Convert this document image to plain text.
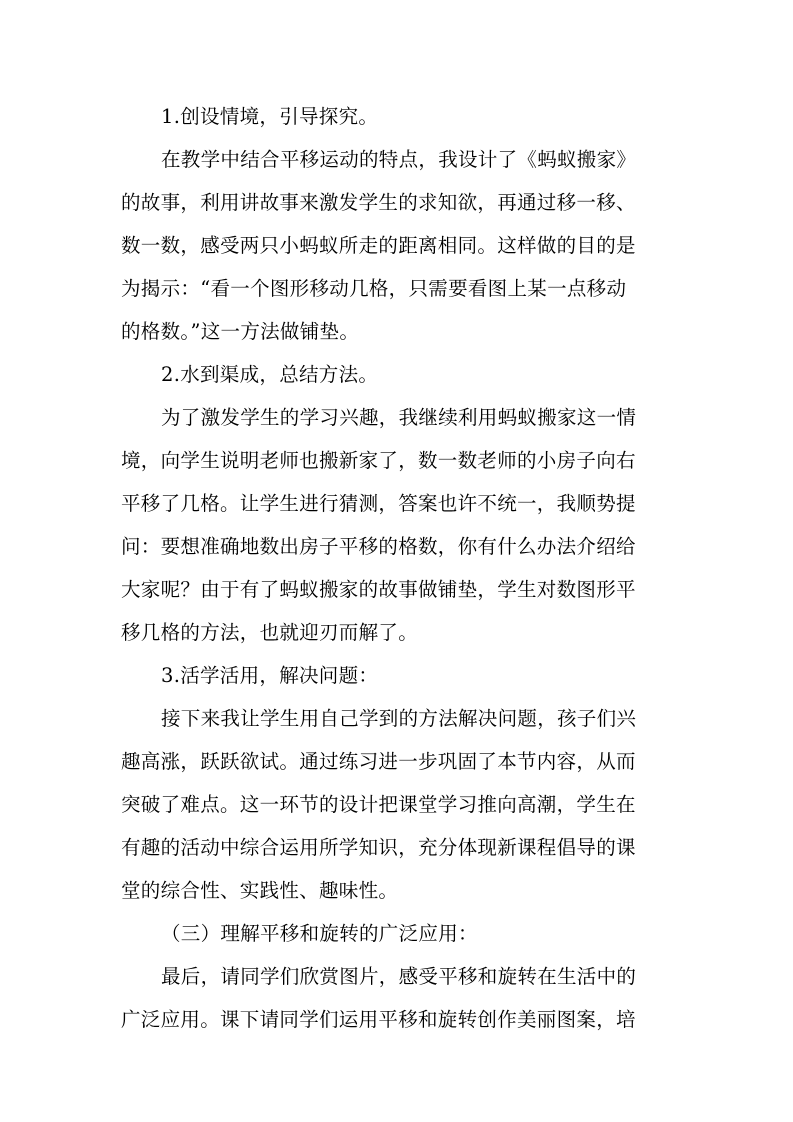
1.创设情境，引导探究。
在教学中结合平移运动的特点，我设计了《蚂蚁搬家》
的故事，利用讲故事来激发学生的求知欲，再通过移一移、
数一数，感受两只小蚂蚁所走的距离相同。这样做的目的是
为揭示：“看一个图形移动几格，只需要看图上某一点移动
的格数。”这一方法做铺垫。
2.水到渠成，总结方法。
为了激发学生的学习兴趣，我继续利用蚂蚁搬家这一情
境，向学生说明老师也搬新家了，数一数老师的小房子向右
平移了几格。让学生进行猜测，答案也许不统一，我顺势提
问：要想准确地数出房子平移的格数，你有什么办法介绍给
大家呢？由于有了蚂蚁搬家的故事做铺垫，学生对数图形平
移几格的方法，也就迎刃而解了。
3.活学活用，解决问题：
接下来我让学生用自己学到的方法解决问题，孩子们兴
趣高涨，跃跃欲试。通过练习进一步巩固了本节内容，从而
突破了难点。这一环节的设计把课堂学习推向高潮，学生在
有趣的活动中综合运用所学知识，充分体现新课程倡导的课
堂的综合性、实践性、趣味性。
（三）理解平移和旋转的广泛应用：
最后，请同学们欣赏图片，感受平移和旋转在生活中的
广泛应用。课下请同学们运用平移和旋转创作美丽图案，培
